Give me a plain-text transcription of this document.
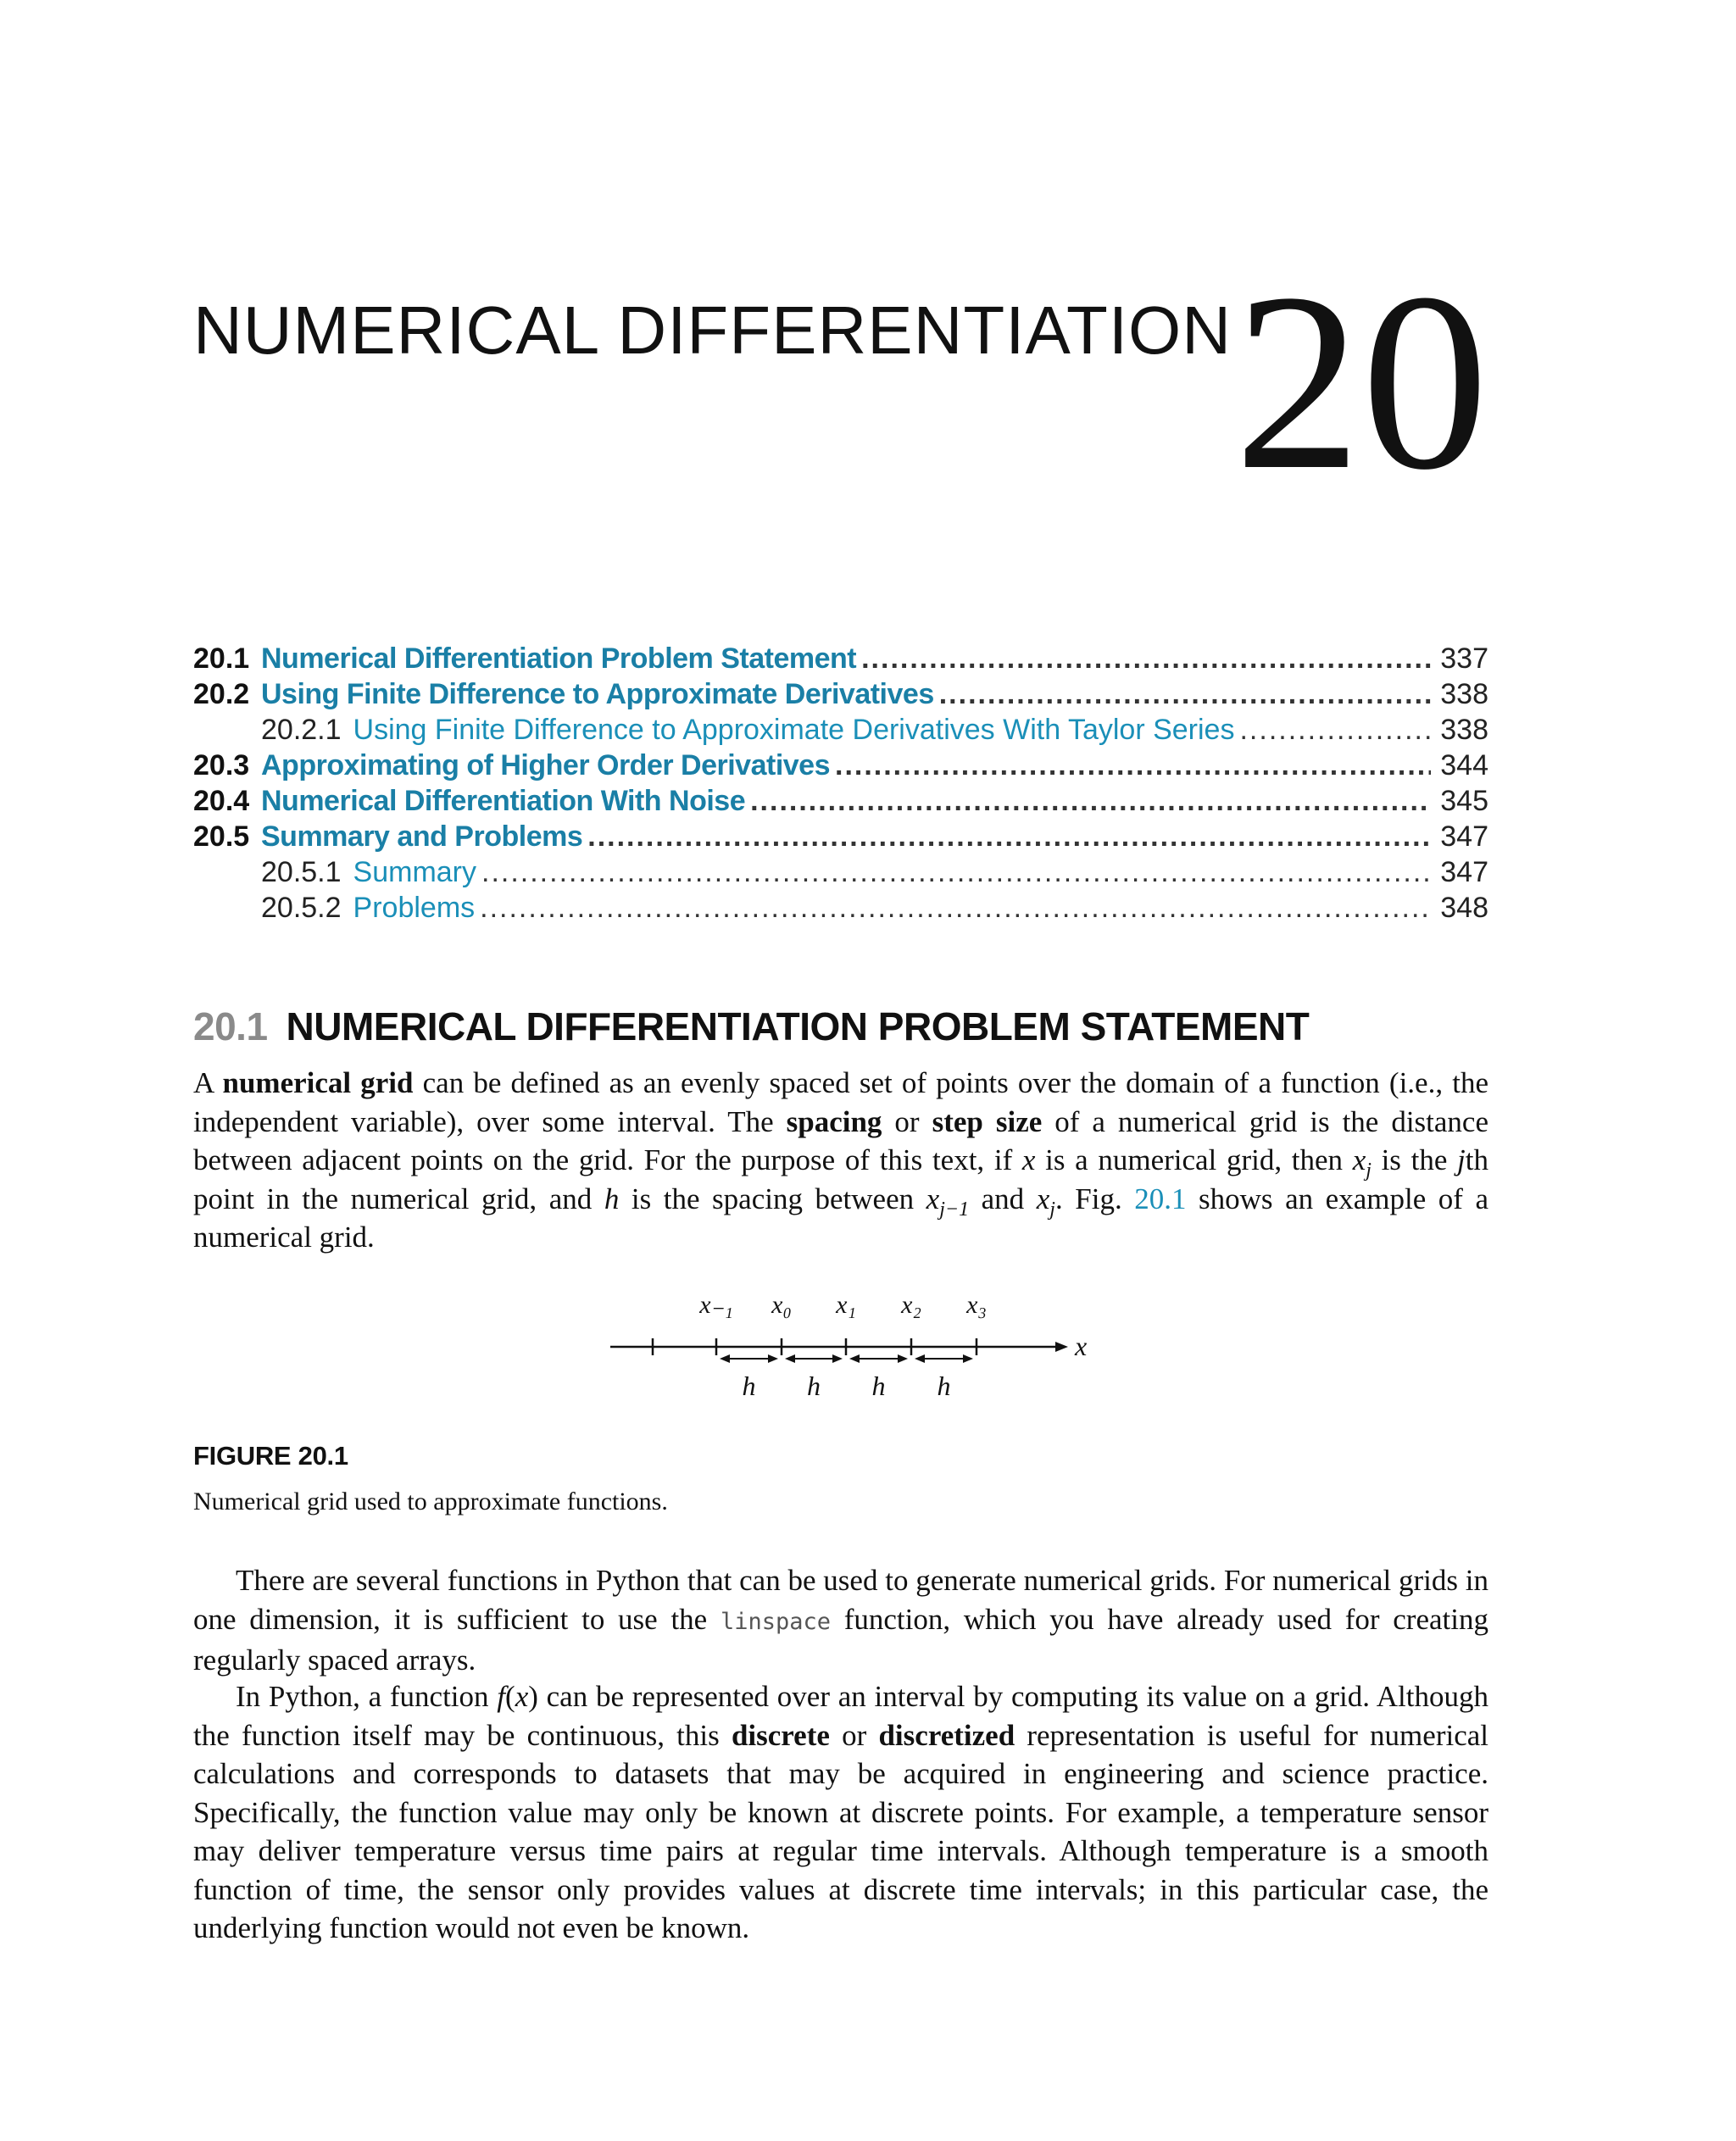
NUMERICAL DIFFERENTIATION 20
20.1 Numerical Differentiation Problem Statement .....	337
20.2 Using Finite Difference to Approximate Derivatives .....	338
20.2.1 Using Finite Difference to Approximate Derivatives With Taylor Series .....	338
20.3 Approximating of Higher Order Derivatives .....	344
20.4 Numerical Differentiation With Noise .....	345
20.5 Summary and Problems .....	347
20.5.1 Summary .....	347
20.5.2 Problems .....	348
20.1 NUMERICAL DIFFERENTIATION PROBLEM STATEMENT
A numerical grid can be defined as an evenly spaced set of points over the domain of a function (i.e., the independent variable), over some interval. The spacing or step size of a numerical grid is the distance between adjacent points on the grid. For the purpose of this text, if x is a numerical grid, then $x_j$ is the jth point in the numerical grid, and h is the spacing between $x_{j-1}$ and $x_j$. Fig. 20.1 shows an example of a numerical grid.
x₋₁ x₀ x₁ x₂ x₃
h h h h
x
FIGURE 20.1
Numerical grid used to approximate functions.
There are several functions in Python that can be used to generate numerical grids. For numerical grids in one dimension, it is sufficient to use the linspace function, which you have already used for creating regularly spaced arrays.
In Python, a function f(x) can be represented over an interval by computing its value on a grid. Although the function itself may be continuous, this discrete or discretized representation is useful for numerical calculations and corresponds to datasets that may be acquired in engineering and science practice. Specifically, the function value may only be known at discrete points. For example, a temperature sensor may deliver temperature versus time pairs at regular time intervals. Although temperature is a smooth function of time, the sensor only provides values at discrete time intervals; in this particular case, the underlying function would not even be known.
